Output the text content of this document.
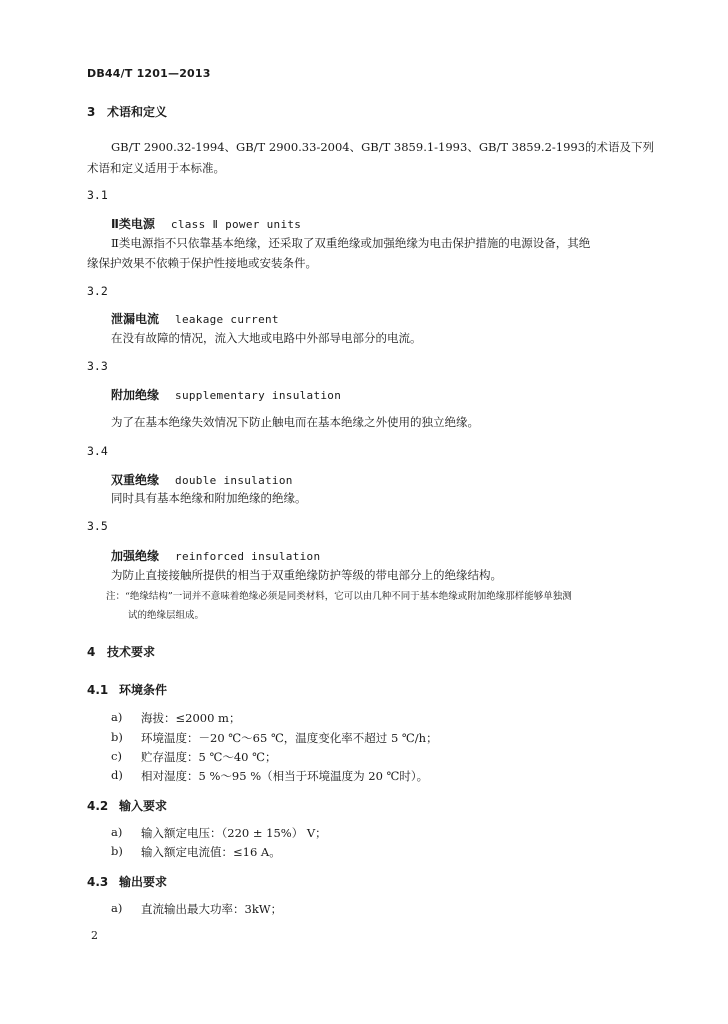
DB44/T 1201—2013
3 术语和定义
GB/T 2900.32-1994、GB/T 2900.33-2004、GB/T 3859.1-1993、GB/T 3859.2-1993的术语及下列
术语和定义适用于本标准。
3.1
Ⅱ类电源 class Ⅱ power units
Ⅱ类电源指不只依靠基本绝缘，还采取了双重绝缘或加强绝缘为电击保护措施的电源设备，其绝
缘保护效果不依赖于保护性接地或安装条件。
3.2
泄漏电流 leakage current
在没有故障的情况，流入大地或电路中外部导电部分的电流。
3.3
附加绝缘 supplementary insulation
为了在基本绝缘失效情况下防止触电而在基本绝缘之外使用的独立绝缘。
3.4
双重绝缘 double insulation
同时具有基本绝缘和附加绝缘的绝缘。
3.5
加强绝缘 reinforced insulation
为防止直接接触所提供的相当于双重绝缘防护等级的带电部分上的绝缘结构。
注：“绝缘结构”一词并不意味着绝缘必须是同类材料，它可以由几种不同于基本绝缘或附加绝缘那样能够单独测
试的绝缘层组成。
4 技术要求
4.1 环境条件
a) 海拔：≤2000 m；
b) 环境温度：－20 ℃～65 ℃，温度变化率不超过 5 ℃/h；
c) 贮存温度：5 ℃～40 ℃；
d) 相对湿度：5 %～95 %（相当于环境温度为 20 ℃时）。
4.2 输入要求
a) 输入额定电压：（220 ± 15%） V；
b) 输入额定电流值：≤16 A。
4.3 输出要求
a) 直流输出最大功率：3kW；
2
